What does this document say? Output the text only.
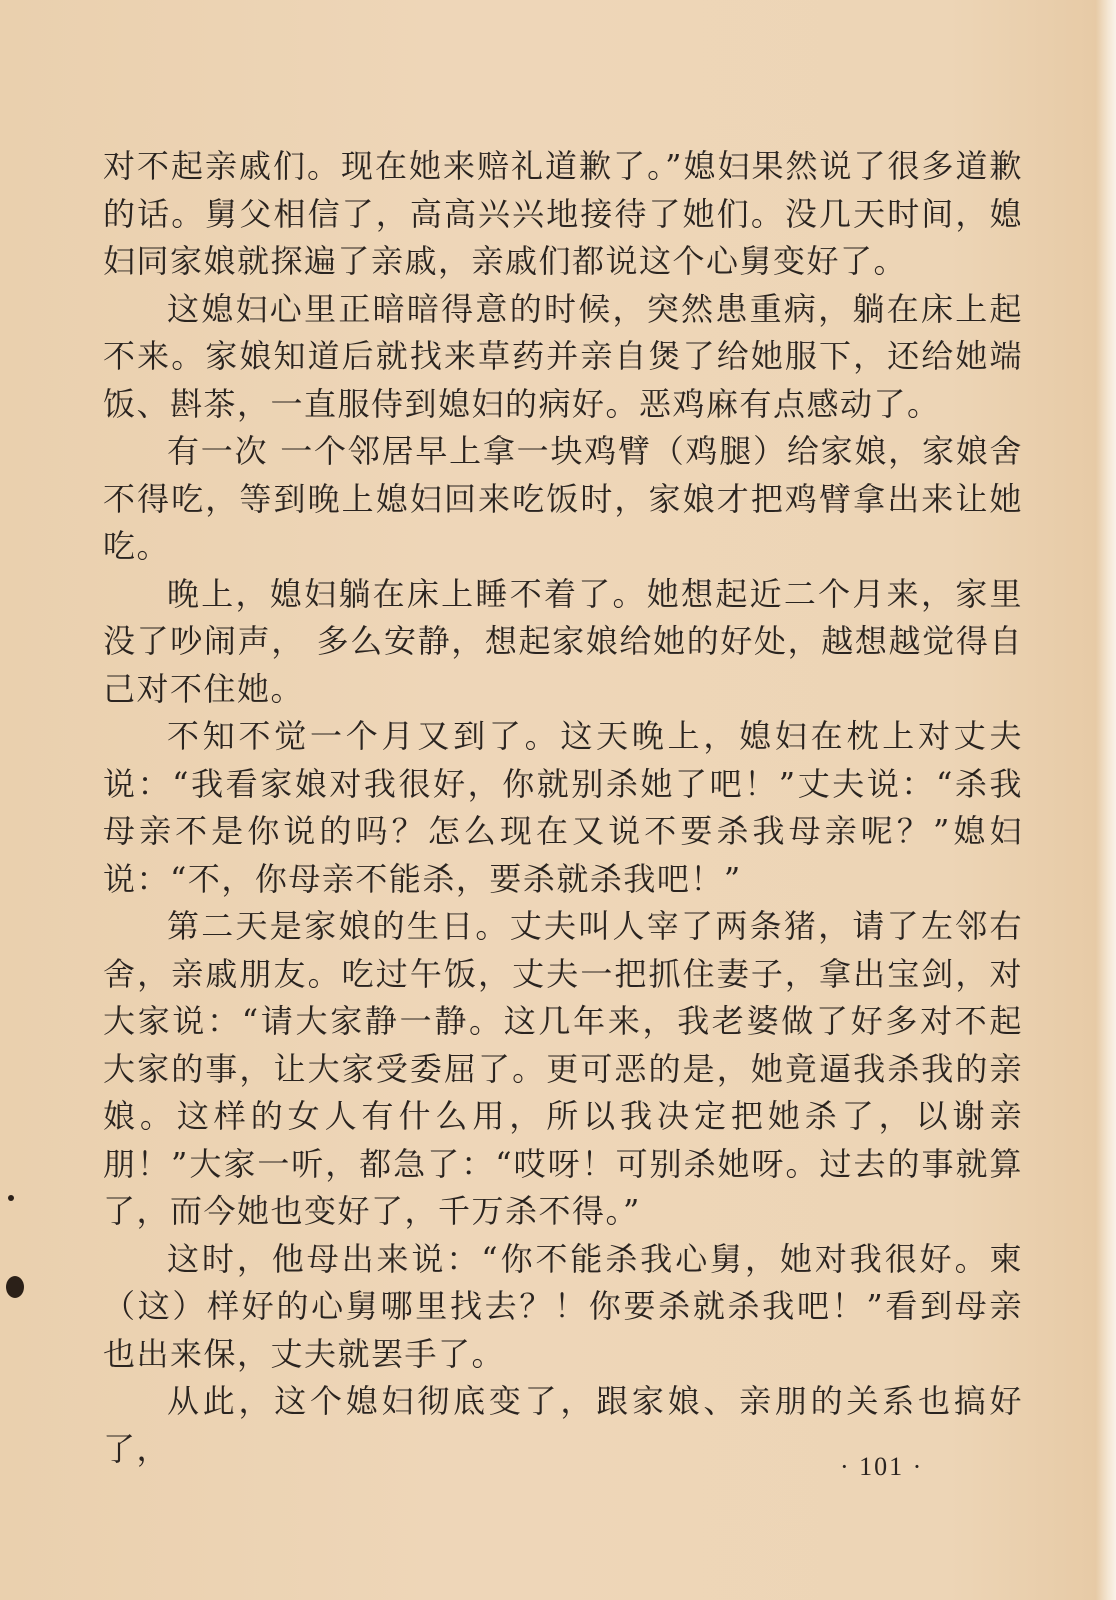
对不起亲戚们。现在她来赔礼道歉了。”媳妇果然说了很多道歉的话。舅父相信了，高高兴兴地接待了她们。没几天时间，媳妇同家娘就探遍了亲戚，亲戚们都说这个心舅变好了。

这媳妇心里正暗暗得意的时候，突然患重病，躺在床上起不来。家娘知道后就找来草药并亲自煲了给她服下，还给她端饭、斟茶，一直服侍到媳妇的病好。恶鸡麻有点感动了。

有一次 一个邻居早上拿一块鸡臂（鸡腿）给家娘，家娘舍不得吃，等到晚上媳妇回来吃饭时，家娘才把鸡臂拿出来让她吃。

晚上，媳妇躺在床上睡不着了。她想起近二个月来，家里没了吵闹声， 多么安静，想起家娘给她的好处，越想越觉得自己对不住她。

不知不觉一个月又到了。这天晚上，媳妇在枕上对丈夫说：“我看家娘对我很好，你就别杀她了吧！”丈夫说：“杀我母亲不是你说的吗？怎么现在又说不要杀我母亲呢？”媳妇说：“不，你母亲不能杀，要杀就杀我吧！”

第二天是家娘的生日。丈夫叫人宰了两条猪，请了左邻右舍，亲戚朋友。吃过午饭，丈夫一把抓住妻子，拿出宝剑，对大家说：“请大家静一静。这几年来，我老婆做了好多对不起大家的事，让大家受委屈了。更可恶的是，她竟逼我杀我的亲娘。这样的女人有什么用，所以我决定把她杀了，以谢亲朋！”大家一听，都急了：“哎呀！可别杀她呀。过去的事就算了，而今她也变好了，千万杀不得。”

这时，他母出来说：“你不能杀我心舅，她对我很好。柬（这）样好的心舅哪里找去？！你要杀就杀我吧！”看到母亲也出来保，丈夫就罢手了。

从此，这个媳妇彻底变了，跟家娘、亲朋的关系也搞好了，	· 101 ·
